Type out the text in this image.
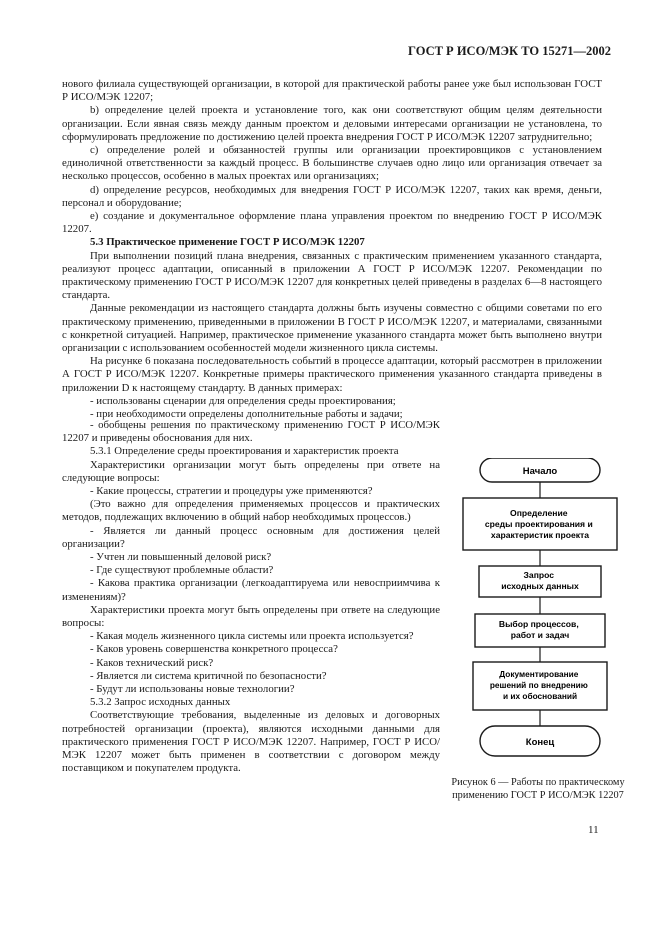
ГОСТ Р ИСО/МЭК ТО 15271—2002

нового филиала существующей организации, в которой для практической работы ранее уже был использован ГОСТ Р ИСО/МЭК 12207;

b) определение целей проекта и установление того, как они соответствуют общим целям деятельности организации. Если явная связь между данным проектом и деловыми интересами организации не установлена, то сформулировать предложение по достижению целей проекта внедрения ГОСТ Р ИСО/МЭК 12207 затруднительно;

c) определение ролей и обязанностей группы или организации проектировщиков с установлением единоличной ответственности за каждый процесс. В большинстве случаев одно лицо или организация отвечает за несколько процессов, особенно в малых проектах или организациях;

d) определение ресурсов, необходимых для внедрения ГОСТ Р ИСО/МЭК 12207, таких как время, деньги, персонал и оборудование;

e) создание и документальное оформление плана управления проектом по внедрению ГОСТ Р ИСО/МЭК 12207.

5.3 Практическое применение ГОСТ Р ИСО/МЭК 12207

При выполнении позиций плана внедрения, связанных с практическим применением указанного стандарта, реализуют процесс адаптации, описанный в приложении А ГОСТ Р ИСО/МЭК 12207. Рекомендации по практическому применению ГОСТ Р ИСО/МЭК 12207 для конкретных целей приведены в разделах 6—8 настоящего стандарта.

Данные рекомендации из настоящего стандарта должны быть изучены совместно с общими советами по его практическому применению, приведенными в приложении В ГОСТ Р ИСО/МЭК 12207, и материалами, связанными с конкретной ситуацией. Например, практическое применение указанного стандарта может быть выполнено внутри организации с использованием особенностей модели жизненного цикла системы.

На рисунке 6 показана последовательность событий в процессе адаптации, который рассмотрен в приложении А ГОСТ Р ИСО/МЭК 12207. Конкретные примеры практического применения указанного стандарта приведены в приложении D к настоящему стандарту. В данных примерах:

- использованы сценарии для определения среды проектирования;

- при необходимости определены дополнительные работы и задачи;

- обобщены решения по практическому применению ГОСТ Р ИСО/МЭК 12207 и приведены обоснования для них.

5.3.1 Определение среды проектирования и характеристик проекта

Характеристики организации могут быть определены при ответе на следующие вопросы:

- Какие процессы, стратегии и процедуры уже применяются?

(Это важно для определения применяемых процессов и практических методов, подлежащих включению в общий набор необходимых процессов.)

- Является ли данный процесс основным для достижения целей организации?

- Учтен ли повышенный деловой риск?

- Где существуют проблемные области?

- Какова практика организации (легкоадаптируема или невосприимчива к изменениям)?

Характеристики проекта могут быть определены при ответе на следующие вопросы:

- Какая модель жизненного цикла системы или проекта используется?

- Каков уровень совершенства конкретного процесса?

- Каков технический риск?

- Является ли система критичной по безопасности?

- Будут ли использованы новые технологии?

5.3.2 Запрос исходных данных

Соответствующие требования, выделенные из деловых и договорных потребностей организации (проекта), являются исходными данными для практического применения ГОСТ Р ИСО/МЭК 12207. Например, ГОСТ Р ИСО/МЭК 12207 может быть применен в соответствии с договором между поставщиком и покупателем продукта.

Начало
Определение среды проектирования и характеристик проекта
Запрос исходных данных
Выбор процессов, работ и задач
Документирование решений по внедрению и их обоснований
Конец
Рисунок 6 — Работы по практическому применению ГОСТ Р ИСО/МЭК 12207
11
